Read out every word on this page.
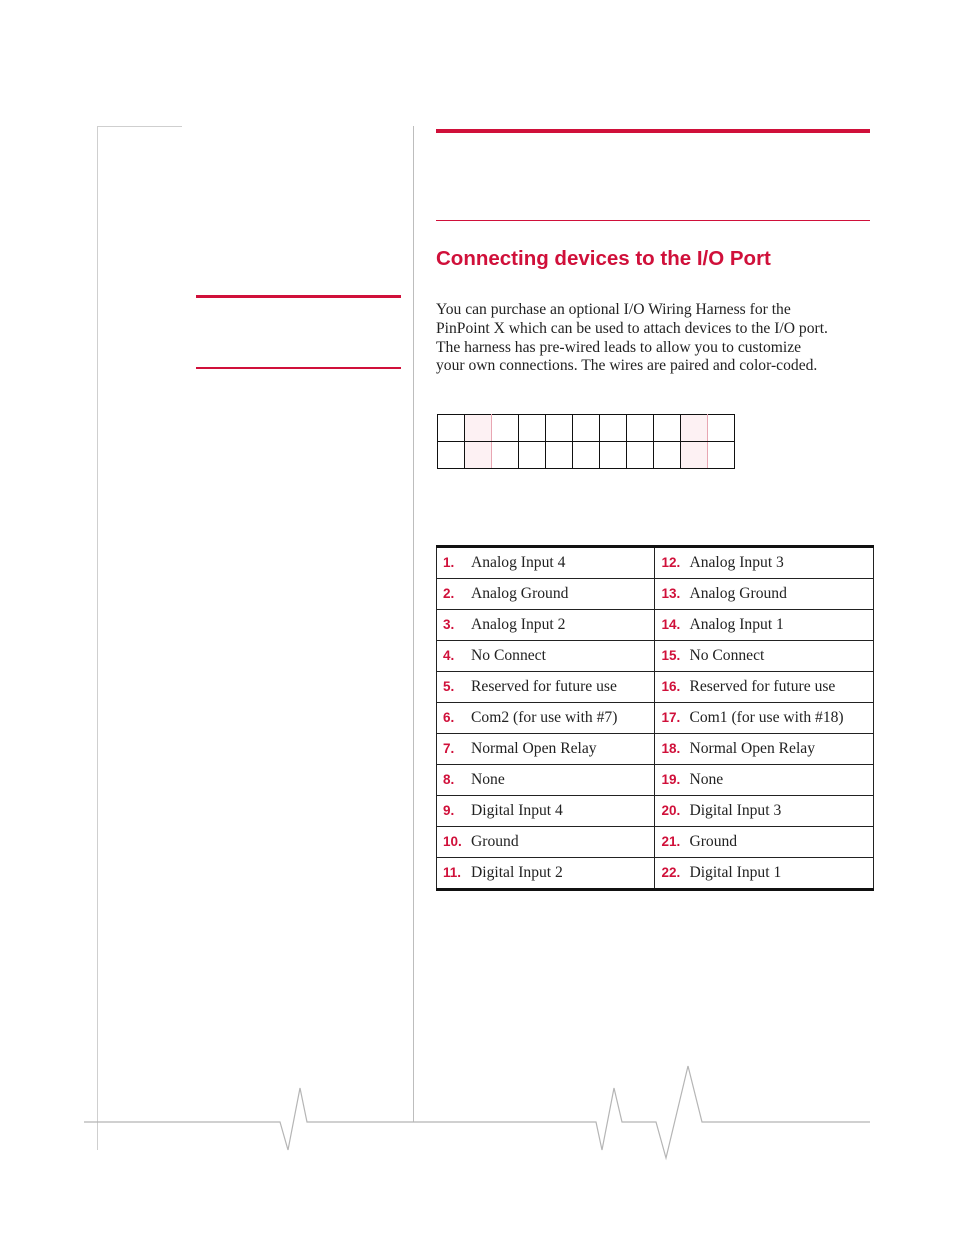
Connecting devices to the I/O Port
You can purchase an optional I/O Wiring Harness for the
PinPoint X which can be used to attach devices to the I/O port.
The harness has pre-wired leads to allow you to customize
your own connections. The wires are paired and color-coded.

1. Analog Input 4	12. Analog Input 3
2. Analog Ground	13. Analog Ground
3. Analog Input 2	14. Analog Input 1
4. No Connect	15. No Connect
5. Reserved for future use	16. Reserved for future use
6. Com2 (for use with #7)	17. Com1 (for use with #18)
7. Normal Open Relay	18. Normal Open Relay
8. None	19. None
9. Digital Input 4	20. Digital Input 3
10. Ground	21. Ground
11. Digital Input 2	22. Digital Input 1
